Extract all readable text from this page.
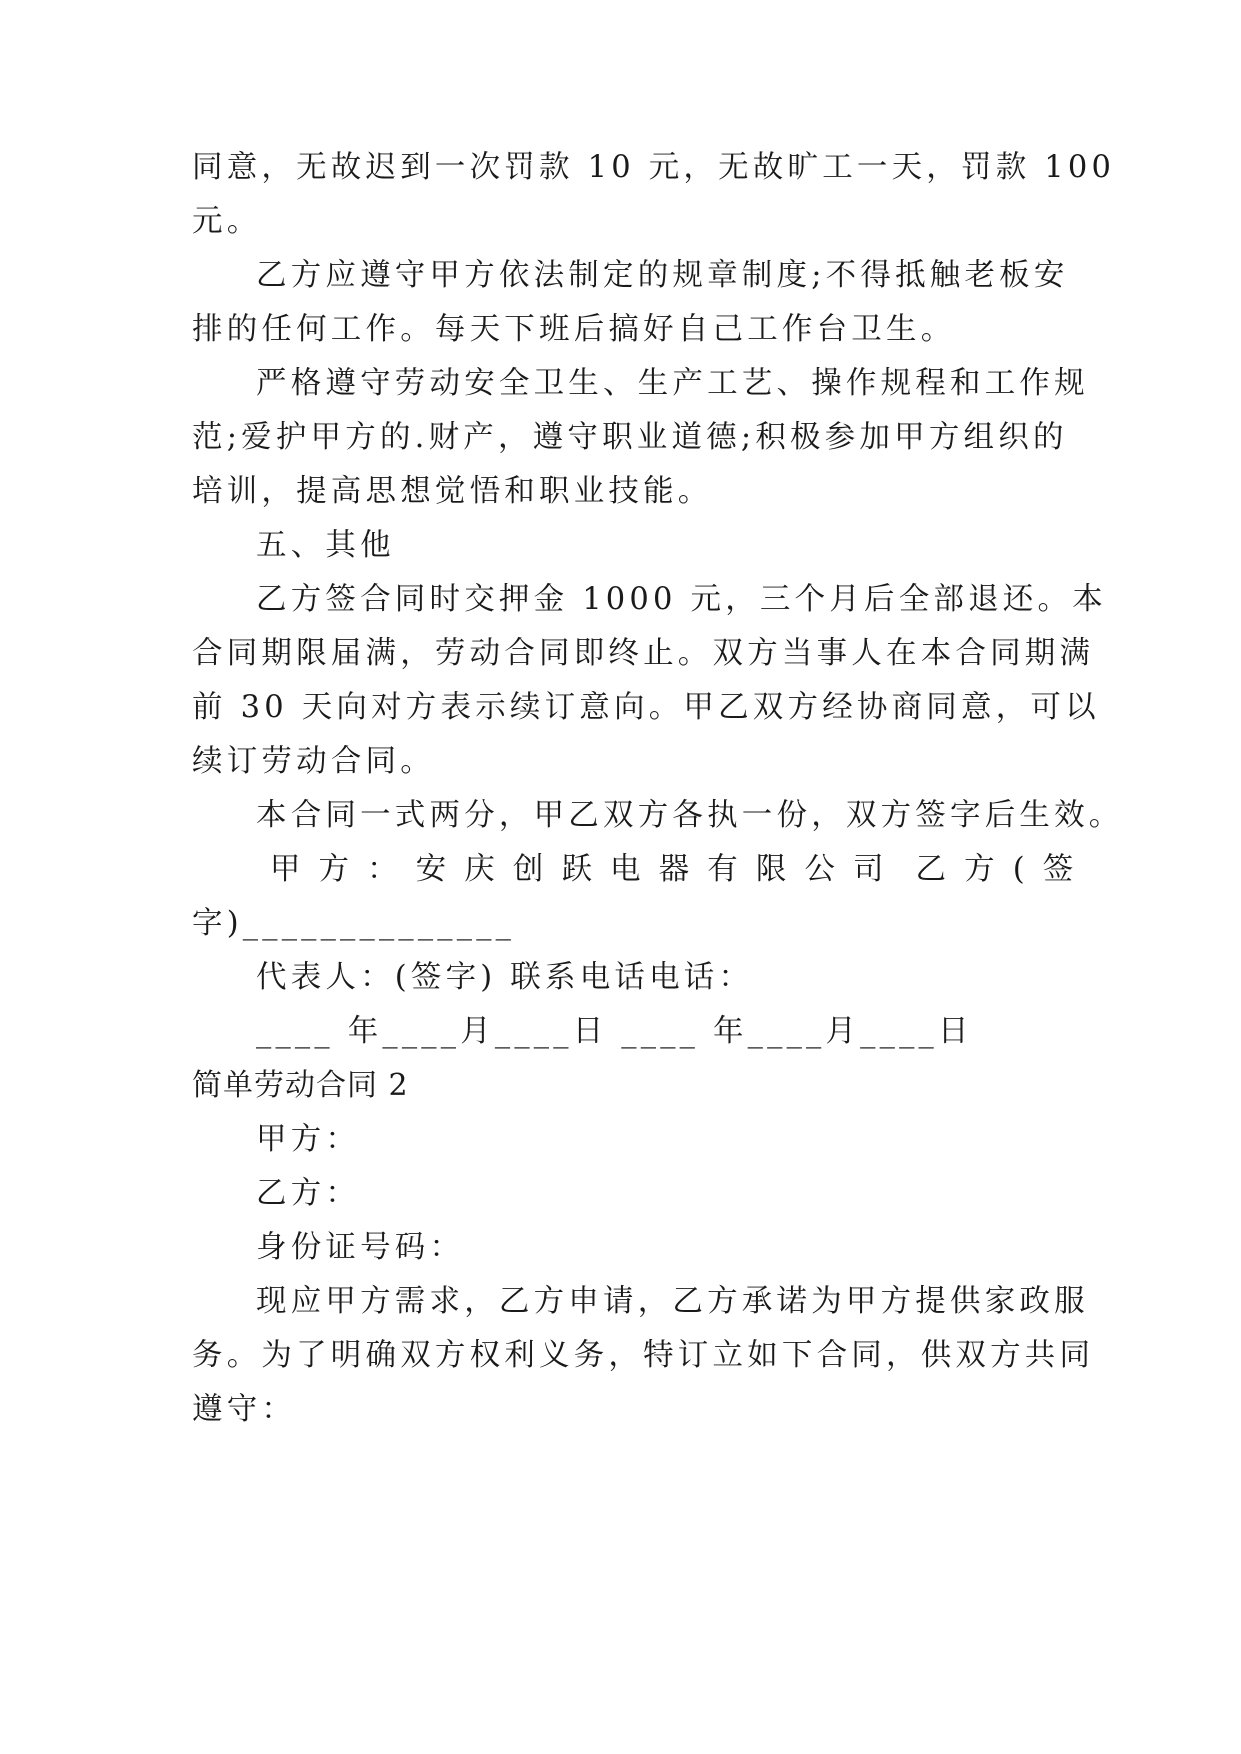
同意，无故迟到一次罚款 10 元，无故旷工一天，罚款 100
元。
乙方应遵守甲方依法制定的规章制度;不得抵触老板安
排的任何工作。每天下班后搞好自己工作台卫生。
严格遵守劳动安全卫生、生产工艺、操作规程和工作规
范;爱护甲方的.财产，遵守职业道德;积极参加甲方组织的
培训，提高思想觉悟和职业技能。
五、其他
乙方签合同时交押金 1000 元，三个月后全部退还。本
合同期限届满，劳动合同即终止。双方当事人在本合同期满
前 30 天向对方表示续订意向。甲乙双方经协商同意，可以
续订劳动合同。
本合同一式两分，甲乙双方各执一份，双方签字后生效。
甲 方 ： 安 庆 创 跃 电 器 有 限 公 司  乙 方 ( 签
字)______________
代表人：(签字) 联系电话电话：
____ 年____月____日 ____ 年____月____日
简单劳动合同 2
甲方：
乙方：
身份证号码：
现应甲方需求，乙方申请，乙方承诺为甲方提供家政服
务。为了明确双方权利义务，特订立如下合同，供双方共同
遵守：
